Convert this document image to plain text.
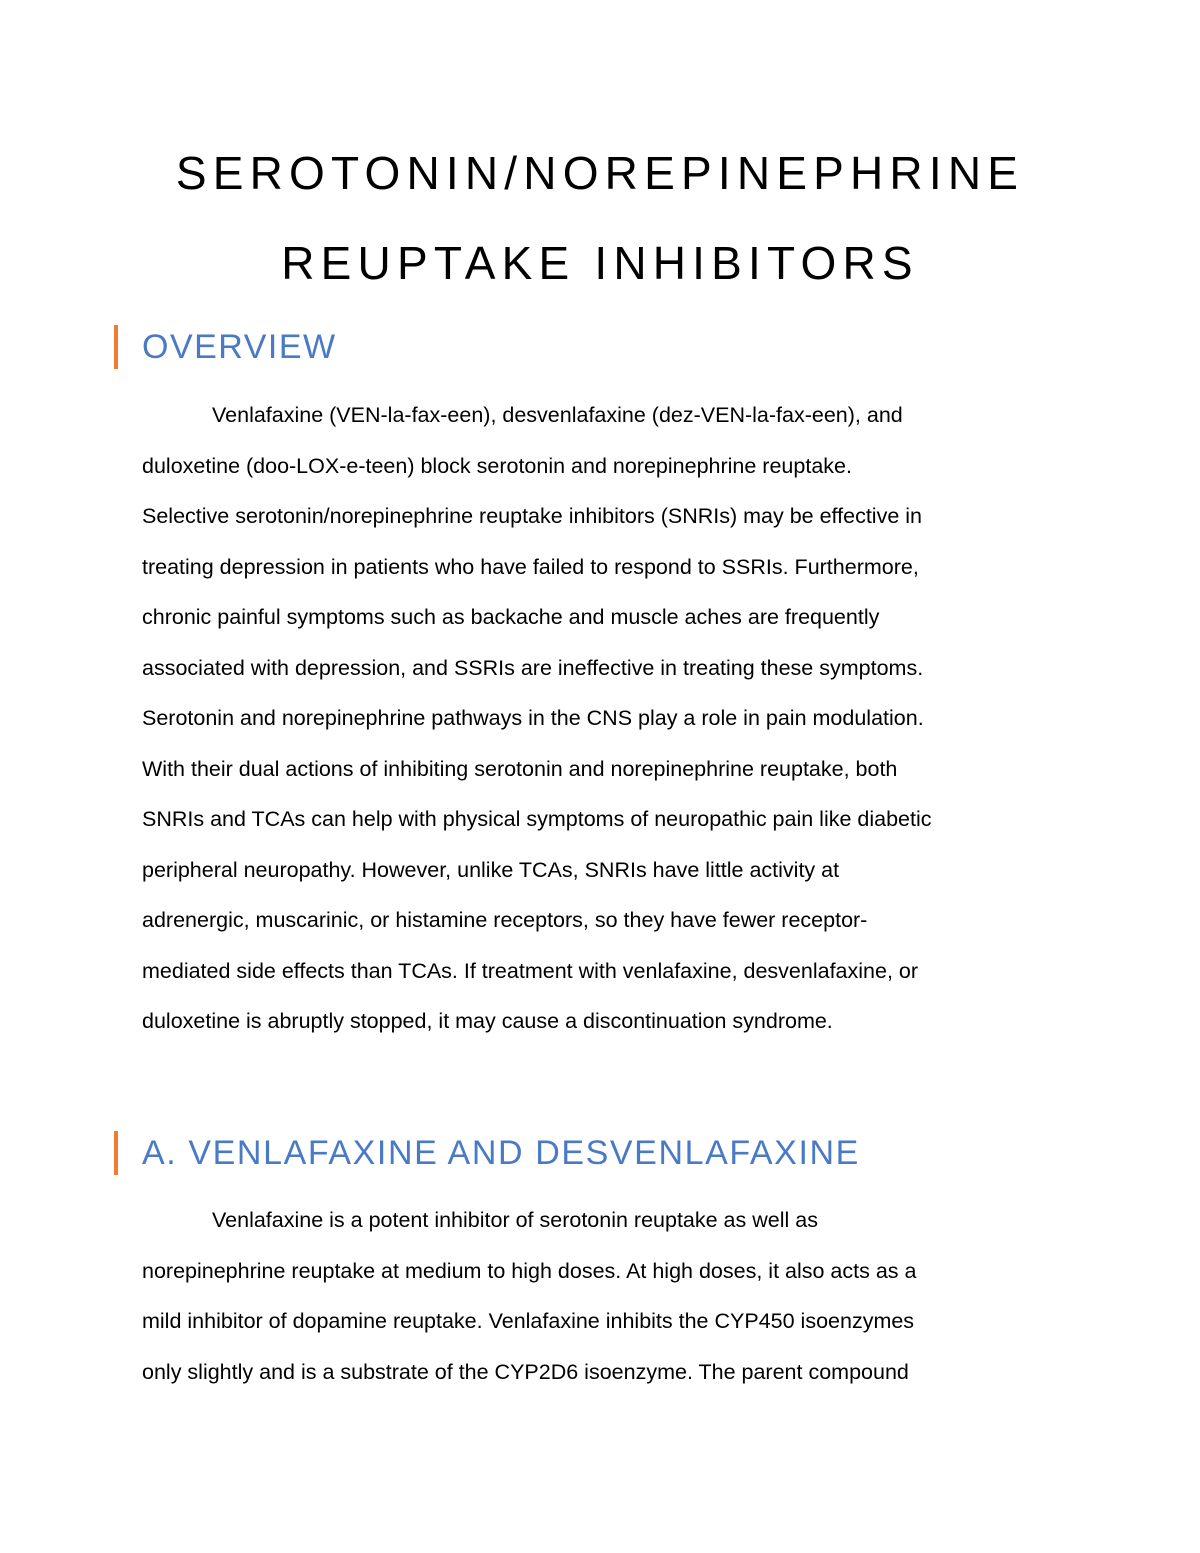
SEROTONIN/NOREPINEPHRINE
REUPTAKE INHIBITORS
OVERVIEW
Venlafaxine (VEN-la-fax-een), desvenlafaxine (dez-VEN-la-fax-een), and
duloxetine (doo-LOX-e-teen) block serotonin and norepinephrine reuptake.
Selective serotonin/norepinephrine reuptake inhibitors (SNRIs) may be effective in
treating depression in patients who have failed to respond to SSRIs. Furthermore,
chronic painful symptoms such as backache and muscle aches are frequently
associated with depression, and SSRIs are ineffective in treating these symptoms.
Serotonin and norepinephrine pathways in the CNS play a role in pain modulation.
With their dual actions of inhibiting serotonin and norepinephrine reuptake, both
SNRIs and TCAs can help with physical symptoms of neuropathic pain like diabetic
peripheral neuropathy. However, unlike TCAs, SNRIs have little activity at
adrenergic, muscarinic, or histamine receptors, so they have fewer receptor-
mediated side effects than TCAs. If treatment with venlafaxine, desvenlafaxine, or
duloxetine is abruptly stopped, it may cause a discontinuation syndrome.
A. VENLAFAXINE AND DESVENLAFAXINE
Venlafaxine is a potent inhibitor of serotonin reuptake as well as
norepinephrine reuptake at medium to high doses. At high doses, it also acts as a
mild inhibitor of dopamine reuptake. Venlafaxine inhibits the CYP450 isoenzymes
only slightly and is a substrate of the CYP2D6 isoenzyme. The parent compound
